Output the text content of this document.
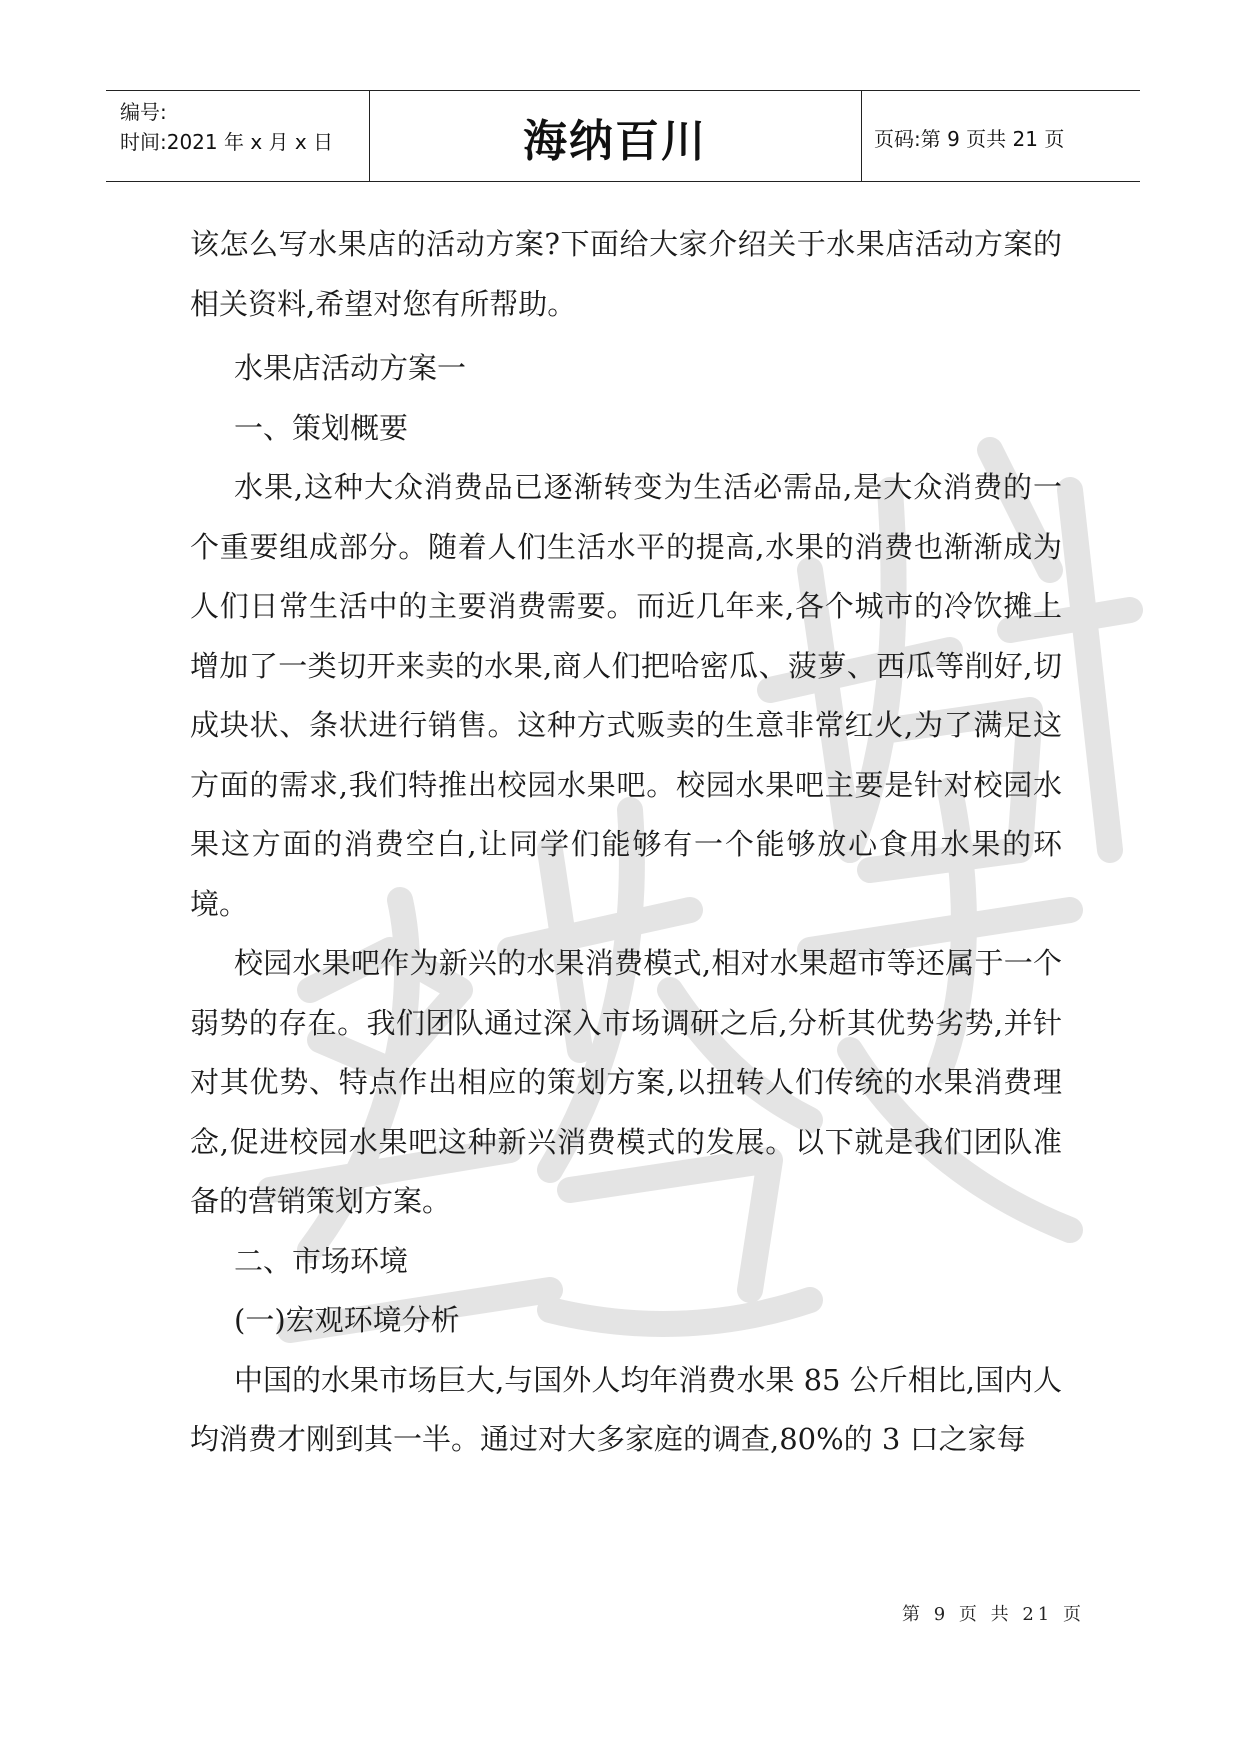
编号:
时间:2021 年 x 月 x 日	海纳百川	页码:第 9 页共 21 页

该怎么写水果店的活动方案?下面给大家介绍关于水果店活动方案的相关资料,希望对您有所帮助。

水果店活动方案一

一、策划概要

水果,这种大众消费品已逐渐转变为生活必需品,是大众消费的一个重要组成部分。随着人们生活水平的提高,水果的消费也渐渐成为人们日常生活中的主要消费需要。而近几年来,各个城市的冷饮摊上增加了一类切开来卖的水果,商人们把哈密瓜、菠萝、西瓜等削好,切成块状、条状进行销售。这种方式贩卖的生意非常红火,为了满足这方面的需求,我们特推出校园水果吧。校园水果吧主要是针对校园水果这方面的消费空白,让同学们能够有一个能够放心食用水果的环境。

校园水果吧作为新兴的水果消费模式,相对水果超市等还属于一个弱势的存在。我们团队通过深入市场调研之后,分析其优势劣势,并针对其优势、特点作出相应的策划方案,以扭转人们传统的水果消费理念,促进校园水果吧这种新兴消费模式的发展。以下就是我们团队准备的营销策划方案。

二、市场环境

(一)宏观环境分析

中国的水果市场巨大,与国外人均年消费水果 85 公斤相比,国内人均消费才刚到其一半。通过对大多家庭的调查,80%的 3 口之家每

第 9 页 共 21 页
